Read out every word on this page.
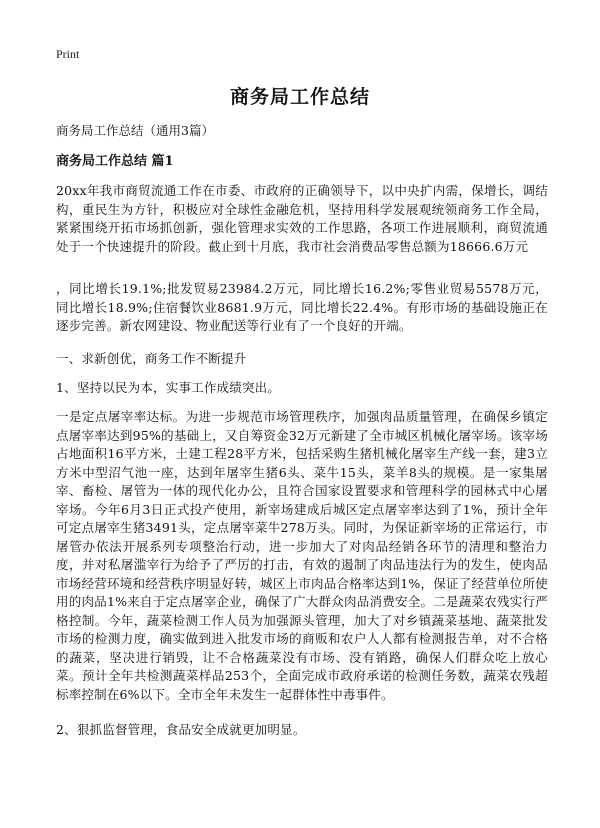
Print
商务局工作总结

商务局工作总结（通用3篇）

商务局工作总结 篇1

20xx年我市商贸流通工作在市委、市政府的正确领导下，以中央扩内需，保增长，调结构，重民生为方针，积极应对全球性金融危机，坚持用科学发展观统领商务工作全局，紧紧围绕开拓市场抓创新，强化管理求实效的工作思路，各项工作进展顺利，商贸流通处于一个快速提升的阶段。截止到十月底，我市社会消费品零售总额为18666.6万元

，同比增长19.1%;批发贸易23984.2万元，同比增长16.2%;零售业贸易5578万元，同比增长18.9%;住宿餐饮业8681.9万元，同比增长22.4%。有形市场的基础设施正在逐步完善。新农网建设、物业配送等行业有了一个良好的开端。

一、求新创优，商务工作不断提升

1、坚持以民为本，实事工作成绩突出。

一是定点屠宰率达标。为进一步规范市场管理秩序，加强肉品质量管理，在确保乡镇定点屠宰率达到95%的基础上，又自筹资金32万元新建了全市城区机械化屠宰场。该宰场占地面积16平方米，土建工程28平方米，包括采购生猪机械化屠宰生产线一套，建3立方米中型沼气池一座，达到年屠宰生猪6头、菜牛15头，菜羊8头的规模。是一家集屠宰、畜检、屠管为一体的现代化办公，且符合国家设置要求和管理科学的园林式中心屠宰场。今年6月3日正式投产使用，新宰场建成后城区定点屠宰率达到了1%，预计全年可定点屠宰生猪3491头，定点屠宰菜牛278万头。同时，为保证新宰场的正常运行，市屠管办依法开展系列专项整治行动，进一步加大了对肉品经销各环节的清理和整治力度，并对私屠滥宰行为给予了严厉的打击，有效的遏制了肉品违法行为的发生，使肉品市场经营环境和经营秩序明显好转，城区上市肉品合格率达到1%，保证了经营单位所使用的肉品1%来自于定点屠宰企业，确保了广大群众肉品消费安全。二是蔬菜农残实行严格控制。今年，蔬菜检测工作人员为加强源头管理，加大了对乡镇蔬菜基地、蔬菜批发市场的检测力度，确实做到进入批发市场的商贩和农户人人都有检测报告单，对不合格的蔬菜，坚决进行销毁，让不合格蔬菜没有市场、没有销路，确保人们群众吃上放心菜。预计全年共检测蔬菜样品253个，全面完成市政府承诺的检测任务数，蔬菜农残超标率控制在6%以下。全市全年未发生一起群体性中毒事件。

2、狠抓监督管理，食品安全成就更加明显。
